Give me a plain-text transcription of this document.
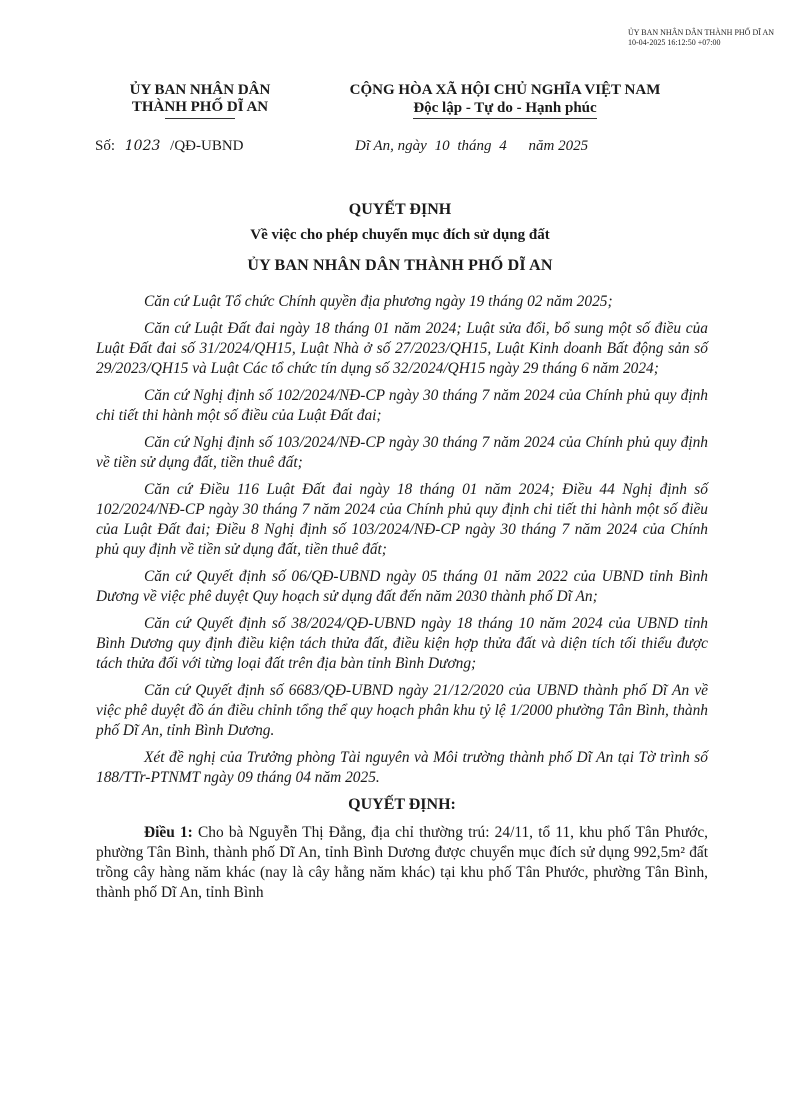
ỦY BAN NHÂN DÂN THÀNH PHỐ DĨ AN
10-04-2025 16:12:50 +07:00
ỦY BAN NHÂN DÂN
THÀNH PHỐ DĨ AN
CỘNG HÒA XÃ HỘI CHỦ NGHĨA VIỆT NAM
Độc lập - Tự do - Hạnh phúc
Số: 1023 /QĐ-UBND	Dĩ An, ngày 10 tháng 4 năm 2025
QUYẾT ĐỊNH
Về việc cho phép chuyển mục đích sử dụng đất
ỦY BAN NHÂN DÂN THÀNH PHỐ DĨ AN

Căn cứ Luật Tổ chức Chính quyền địa phương ngày 19 tháng 02 năm 2025;

Căn cứ Luật Đất đai ngày 18 tháng 01 năm 2024; Luật sửa đổi, bổ sung một số điều của Luật Đất đai số 31/2024/QH15, Luật Nhà ở số 27/2023/QH15, Luật Kinh doanh Bất động sản số 29/2023/QH15 và Luật Các tổ chức tín dụng số 32/2024/QH15 ngày 29 tháng 6 năm 2024;

Căn cứ Nghị định số 102/2024/NĐ-CP ngày 30 tháng 7 năm 2024 của Chính phủ quy định chi tiết thi hành một số điều của Luật Đất đai;

Căn cứ Nghị định số 103/2024/NĐ-CP ngày 30 tháng 7 năm 2024 của Chính phủ quy định về tiền sử dụng đất, tiền thuê đất;

Căn cứ Điều 116 Luật Đất đai ngày 18 tháng 01 năm 2024; Điều 44 Nghị định số 102/2024/NĐ-CP ngày 30 tháng 7 năm 2024 của Chính phủ quy định chi tiết thi hành một số điều của Luật Đất đai; Điều 8 Nghị định số 103/2024/NĐ-CP ngày 30 tháng 7 năm 2024 của Chính phủ quy định về tiền sử dụng đất, tiền thuê đất;

Căn cứ Quyết định số 06/QĐ-UBND ngày 05 tháng 01 năm 2022 của UBND tỉnh Bình Dương về việc phê duyệt Quy hoạch sử dụng đất đến năm 2030 thành phố Dĩ An;

Căn cứ Quyết định số 38/2024/QĐ-UBND ngày 18 tháng 10 năm 2024 của UBND tỉnh Bình Dương quy định điều kiện tách thửa đất, điều kiện hợp thửa đất và diện tích tối thiểu được tách thửa đối với từng loại đất trên địa bàn tỉnh Bình Dương;

Căn cứ Quyết định số 6683/QĐ-UBND ngày 21/12/2020 của UBND thành phố Dĩ An về việc phê duyệt đồ án điều chỉnh tổng thể quy hoạch phân khu tỷ lệ 1/2000 phường Tân Bình, thành phố Dĩ An, tỉnh Bình Dương.

Xét đề nghị của Trưởng phòng Tài nguyên và Môi trường thành phố Dĩ An tại Tờ trình số 188/TTr-PTNMT ngày 09 tháng 04 năm 2025.

QUYẾT ĐỊNH:

Điều 1: Cho bà Nguyễn Thị Đẳng, địa chỉ thường trú: 24/11, tổ 11, khu phố Tân Phước, phường Tân Bình, thành phố Dĩ An, tỉnh Bình Dương được chuyển mục đích sử dụng 992,5m² đất trồng cây hàng năm khác (nay là cây hằng năm khác) tại khu phố Tân Phước, phường Tân Bình, thành phố Dĩ An, tỉnh Bình
